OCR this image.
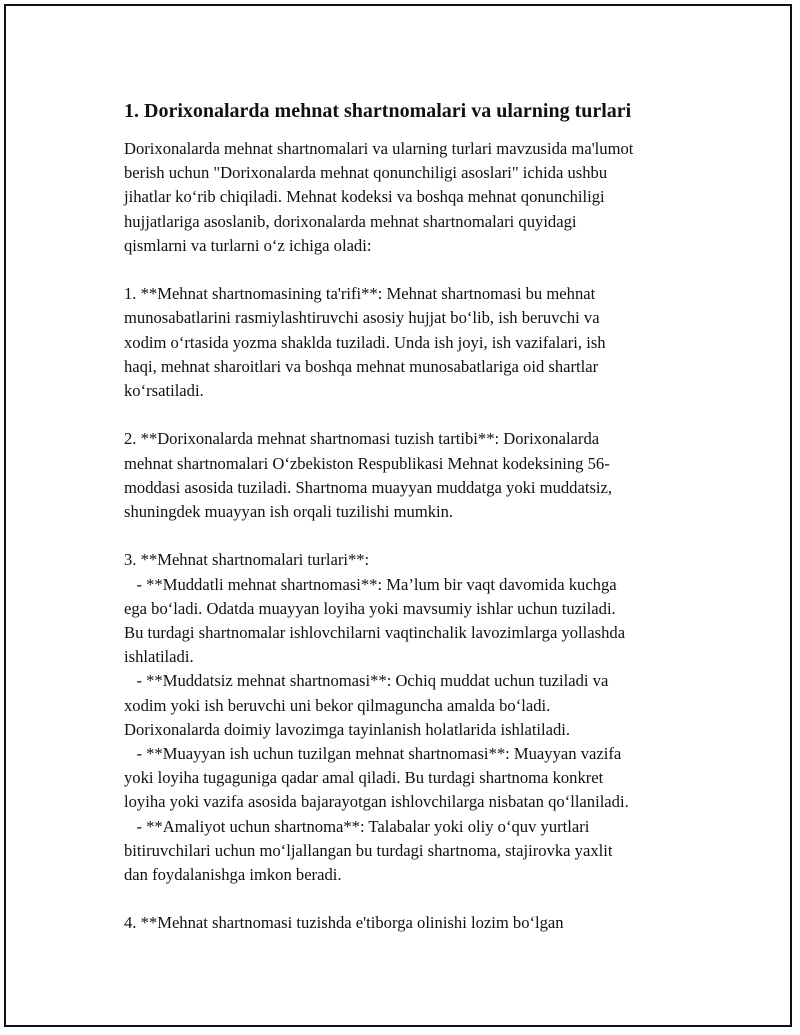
1. Dorixonalarda mehnat shartnomalari va ularning turlari
Dorixonalarda mehnat shartnomalari va ularning turlari mavzusida ma'lumot
berish uchun "Dorixonalarda mehnat qonunchiligi asoslari" ichida ushbu
jihatlar ko‘rib chiqiladi. Mehnat kodeksi va boshqa mehnat qonunchiligi
hujjatlariga asoslanib, dorixonalarda mehnat shartnomalari quyidagi
qismlarni va turlarni o‘z ichiga oladi:
1. **Mehnat shartnomasining ta'rifi**: Mehnat shartnomasi bu mehnat
munosabatlarini rasmiylashtiruvchi asosiy hujjat bo‘lib, ish beruvchi va
xodim o‘rtasida yozma shaklda tuziladi. Unda ish joyi, ish vazifalari, ish
haqi, mehnat sharoitlari va boshqa mehnat munosabatlariga oid shartlar
ko‘rsatiladi.
2. **Dorixonalarda mehnat shartnomasi tuzish tartibi**: Dorixonalarda
mehnat shartnomalari O‘zbekiston Respublikasi Mehnat kodeksining 56-
moddasi asosida tuziladi. Shartnoma muayyan muddatga yoki muddatsiz,
shuningdek muayyan ish orqali tuzilishi mumkin.
3. **Mehnat shartnomalari turlari**:
- **Muddatli mehnat shartnomasi**: Ma’lum bir vaqt davomida kuchga
ega bo‘ladi. Odatda muayyan loyiha yoki mavsumiy ishlar uchun tuziladi.
Bu turdagi shartnomalar ishlovchilarni vaqtinchalik lavozimlarga yollashda
ishlatiladi.
- **Muddatsiz mehnat shartnomasi**: Ochiq muddat uchun tuziladi va
xodim yoki ish beruvchi uni bekor qilmaguncha amalda bo‘ladi.
Dorixonalarda doimiy lavozimga tayinlanish holatlarida ishlatiladi.
- **Muayyan ish uchun tuzilgan mehnat shartnomasi**: Muayyan vazifa
yoki loyiha tugaguniga qadar amal qiladi. Bu turdagi shartnoma konkret
loyiha yoki vazifa asosida bajarayotgan ishlovchilarga nisbatan qo‘llaniladi.
- **Amaliyot uchun shartnoma**: Talabalar yoki oliy o‘quv yurtlari
bitiruvchilari uchun mo‘ljallangan bu turdagi shartnoma, stajirovka yaxlit
dan foydalanishga imkon beradi.
4. **Mehnat shartnomasi tuzishda e'tiborga olinishi lozim bo‘lgan
